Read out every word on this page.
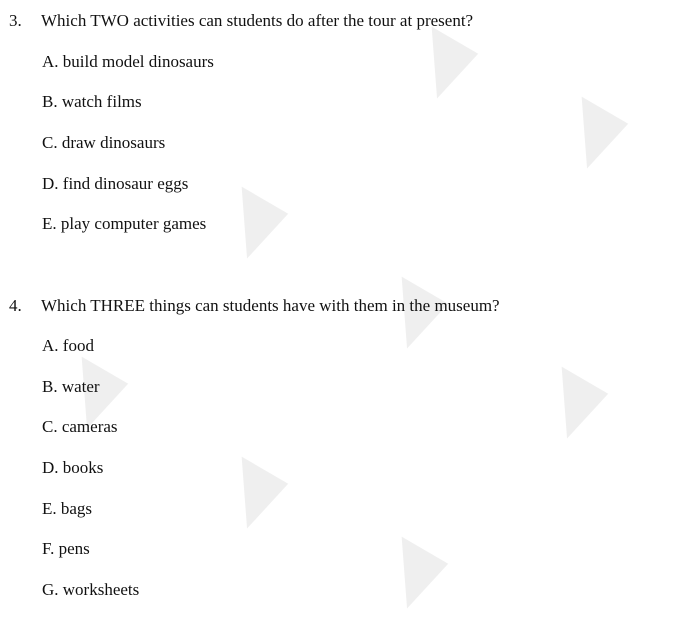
3. Which TWO activities can students do after the tour at present?
A. build model dinosaurs
B. watch films
C. draw dinosaurs
D. find dinosaur eggs
E. play computer games
4. Which THREE things can students have with them in the museum?
A. food
B. water
C. cameras
D. books
E. bags
F. pens
G. worksheets
